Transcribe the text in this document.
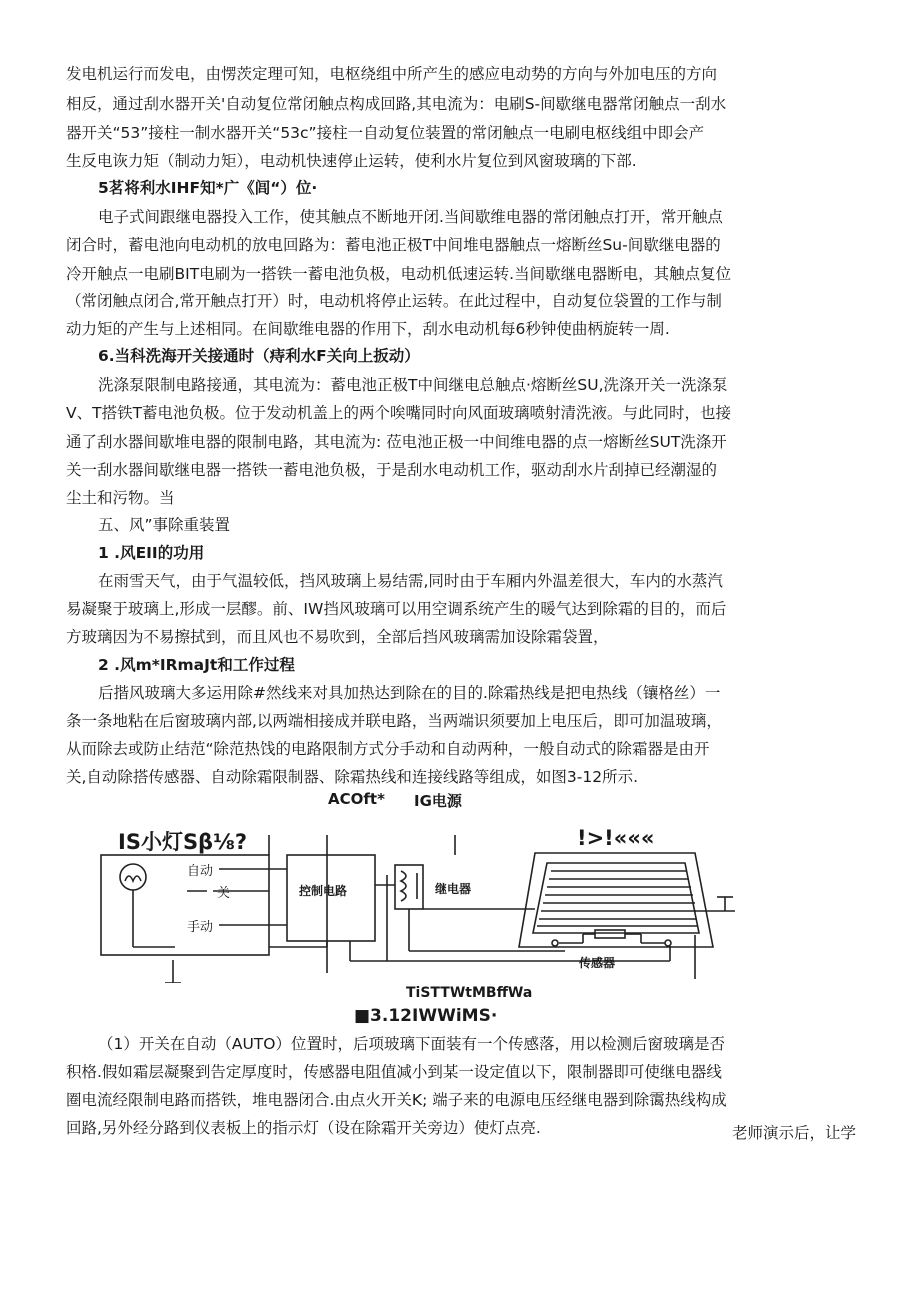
发电机运行而发电，由愣茨定理可知，电枢绕组中所产生的感应电动势的方向与外加电压的方向
相反，通过刮水器开关'自动复位常闭触点构成回路,其电流为：电刷S-间歇继电器常闭触点一刮水
器开关“53”接柱一制水器开关“53c”接柱一自动复位装置的常闭触点一电刷电枢线组中即会产
生反电诙力矩（制动力矩），电动机快速停止运转，使利水片复位到风窗玻璃的下部.
5茗将利水IHF知*广《闾“）位·
电子式间跟继电器投入工作，使其触点不断地开闭.当间歇维电器的常闭触点打开，常开触点
闭合时，蓄电池向电动机的放电回路为：蓄电池正极T中间堆电器触点一熔断丝Su-间歇继电器的
冷开触点一电刷BIT电刷为一搭铁一蓄电池负极，电动机低速运转.当间歇继电器断电，其触点复位
（常闭触点闭合,常开触点打开）时，电动机将停止运转。在此过程中，自动复位袋置的工作与制
动力矩的产生与上述相同。在间歇维电器的作用下，刮水电动机每6秒钟使曲柄旋转一周.
6.当科洗海开关接通时（痔利水F关向上扳动）
洗涤泵限制电路接通，其电流为：蓄电池正极T中间继电总触点·熔断丝SU,洗涤开关一洗涤泵
V、T搭铁T蓄电池负极。位于发动机盖上的两个唉嘴同时向风面玻璃喷射清洗液。与此同时，也接
通了刮水器间歇堆电器的限制电路，其电流为: 莅电池正极一中间维电器的点一熔断丝SUT洗涤开
关一刮水器间歇继电器一搭铁一蓄电池负极，于是刮水电动机工作，驱动刮水片刮掉已经潮湿的
尘土和污物。当
五、风”事除重装置
1 .风EII的功用
在雨雪天气，由于气温较低，挡风玻璃上易结需,同时由于车厢内外温差很大，车内的水蒸汽
易凝聚于玻璃上,形成一层醪。前、IW挡风玻璃可以用空调系统产生的暖气达到除霜的目的，而后
方玻璃因为不易擦拭到，而且风也不易吹到，全部后挡风玻璃需加设除霜袋置，
2 .风m*IRmaJt和工作过程
后揩风玻璃大多运用除#然线来对具加热达到除在的目的.除霜热线是把电热线（镶格丝）一
条一条地粘在后窗玻璃内部,以两端相接成并联电路，当两端识须要加上电压后，即可加温玻璃，
从而除去或防止结范“除范热饯的电路限制方式分手动和自动两种，一般自动式的除霜器是由开
关,自动除搭传感器、自动除霜限制器、除霜热线和连接线路等组成，如图3-12所示.
ACOft* IG电源
IS小灯Sβ⅛?	!>!«««
自动
关
手动
控制电路	继电器
传感器
TiSTTWtMBffWa
■3.12IWWiMS·
（1）开关在自动（AUTO）位置时，后项玻璃下面装有一个传感落，用以检测后窗玻璃是否
积格.假如霜层凝聚到告定厚度时，传感器电阻值减小到某一设定值以下，限制器即可使继电器线
圈电流经限制电路而搭铁，堆电器闭合.由点火开关K; 端子来的电源电压经继电器到除霭热线构成
回路,另外经分路到仪表板上的指示灯（设在除霜开关旁边）使灯点亮.	老师演示后，让学
